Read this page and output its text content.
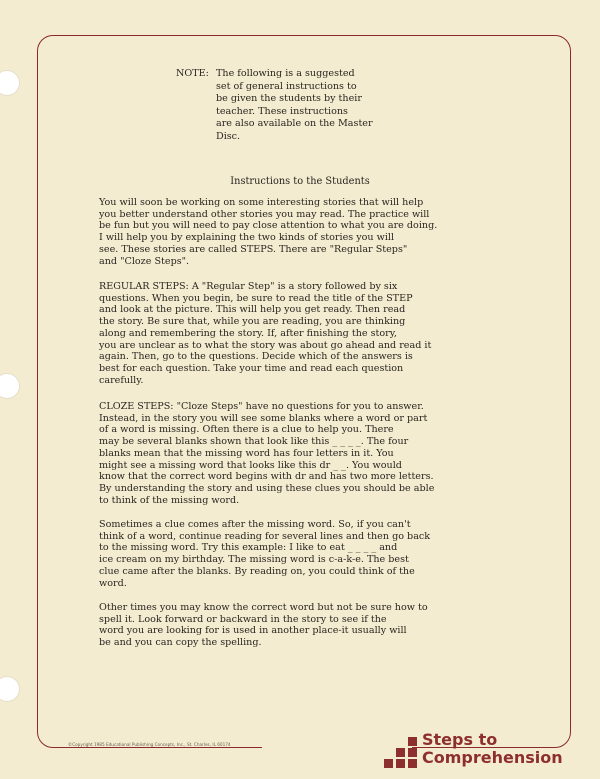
NOTE: The following is a suggested
set of general instructions to
be given the students by their
teacher. These instructions
are also available on the Master
Disc.
Instructions to the Students
You will soon be working on some interesting stories that will help
you better understand other stories you may read. The practice will
be fun but you will need to pay close attention to what you are doing.
I will help you by explaining the two kinds of stories you will
see. These stories are called STEPS. There are "Regular Steps"
and "Cloze Steps".
REGULAR STEPS: A "Regular Step" is a story followed by six
questions. When you begin, be sure to read the title of the STEP
and look at the picture. This will help you get ready. Then read
the story. Be sure that, while you are reading, you are thinking
along and remembering the story. If, after finishing the story,
you are unclear as to what the story was about go ahead and read it
again. Then, go to the questions. Decide which of the answers is
best for each question. Take your time and read each question
carefully.
CLOZE STEPS: "Cloze Steps" have no questions for you to answer.
Instead, in the story you will see some blanks where a word or part
of a word is missing. Often there is a clue to help you. There
may be several blanks shown that look like this _ _ _ _. The four
blanks mean that the missing word has four letters in it. You
might see a missing word that looks like this dr _ _. You would
know that the correct word begins with dr and has two more letters.
By understanding the story and using these clues you should be able
to think of the missing word.
Sometimes a clue comes after the missing word. So, if you can't
think of a word, continue reading for several lines and then go back
to the missing word. Try this example: I like to eat _ _ _ _ and
ice cream on my birthday. The missing word is c-a-k-e. The best
clue came after the blanks. By reading on, you could think of the
word.
Other times you may know the correct word but not be sure how to
spell it. Look forward or backward in the story to see if the
word you are looking for is used in another place-it usually will
be and you can copy the spelling.
©Copyright 1985 Educational Publishing Concepts, Inc., St. Charles, IL 60174	Steps to
Comprehension
